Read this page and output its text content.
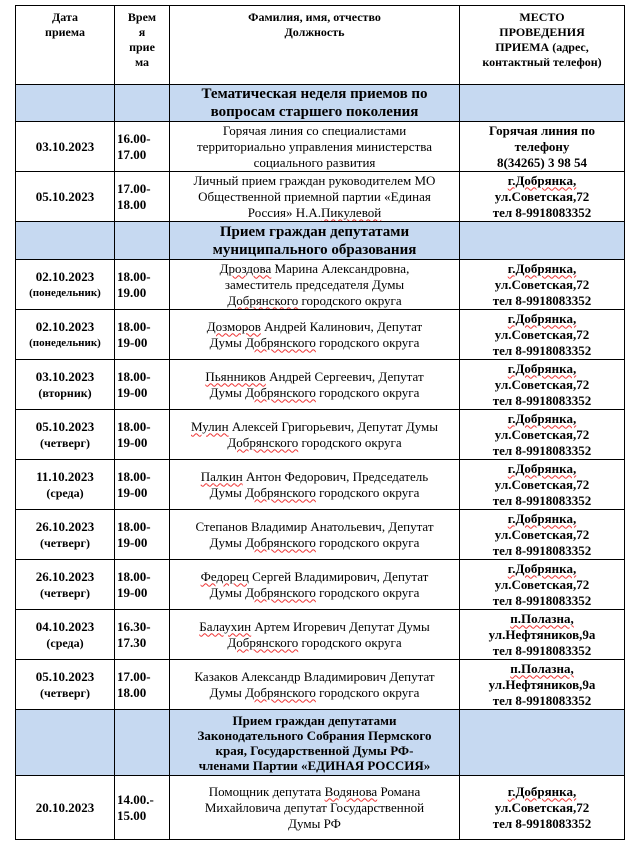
Дата
приема	Врем
я
прие
ма	Фамилия, имя, отчество
Должность	МЕСТО
ПРОВЕДЕНИЯ
ПРИЕМА (адрес,
контактный телефон)

		Тематическая неделя приемов по
вопросам старшего поколения	

03.10.2023	16.00-
17.00	Горячая линия со специалистами
территориально управления министерства
социального развития	Горячая линия по
телефону
8(34265) 3 98 54

05.10.2023	17.00-
18.00	Личный прием граждан руководителем МО
Общественной приемной партии «Единая
Россия» Н.А.Пикулевой	г.Добрянка,
ул.Советская,72
тел 8-9918083352

		Прием граждан депутатами
муниципального образования	

02.10.2023
(понедельник)	18.00-
19.00	Дроздова Марина Александровна,
заместитель председателя Думы
Добрянского городского округа	г.Добрянка,
ул.Советская,72
тел 8-9918083352

02.10.2023
(понедельник)	18.00-
19-00	Дозморов Андрей Калинович, Депутат
Думы Добрянского городского округа	г.Добрянка,
ул.Советская,72
тел 8-9918083352

03.10.2023
(вторник)	18.00-
19-00	Пьянников Андрей Сергеевич, Депутат
Думы Добрянского городского округа	г.Добрянка,
ул.Советская,72
тел 8-9918083352

05.10.2023
(четверг)	18.00-
19-00	Мулин Алексей Григорьевич, Депутат Думы
Добрянского городского округа	г.Добрянка,
ул.Советская,72
тел 8-9918083352

11.10.2023
(среда)	18.00-
19-00	Палкин Антон Федорович, Председатель
Думы Добрянского городского округа	г.Добрянка,
ул.Советская,72
тел 8-9918083352

26.10.2023
(четверг)	18.00-
19-00	Степанов Владимир Анатольевич, Депутат
Думы Добрянского городского округа	г.Добрянка,
ул.Советская,72
тел 8-9918083352

26.10.2023
(четверг)	18.00-
19-00	Федорец Сергей Владимирович, Депутат
Думы Добрянского городского округа	г.Добрянка,
ул.Советская,72
тел 8-9918083352

04.10.2023
(среда)	16.30-
17.30	Балаухин Артем Игоревич Депутат Думы
Добрянского городского округа	п.Полазна,
ул.Нефтяников,9а
тел 8-9918083352

05.10.2023
(четверг)	17.00-
18.00	Казаков Александр Владимирович Депутат
Думы Добрянского городского округа	п.Полазна,
ул.Нефтяников,9а
тел 8-9918083352

		Прием граждан депутатами
Законодательного Собрания Пермского
края, Государственной Думы РФ-
членами Партии «ЕДИНАЯ РОССИЯ»	

20.10.2023	14.00.-
15.00	Помощник депутата Водянова Романа
Михайловича депутат Государственной
Думы РФ	г.Добрянка,
ул.Советская,72
тел 8-9918083352
